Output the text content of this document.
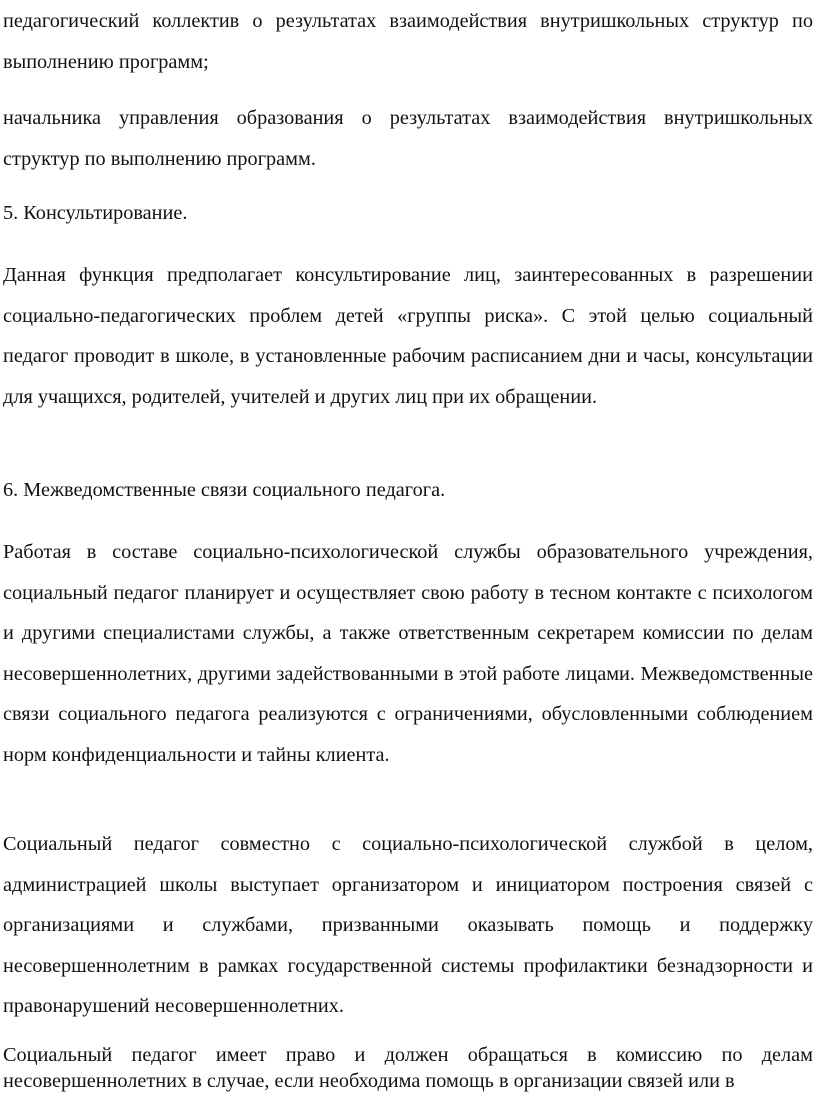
педагогический коллектив о результатах взаимодействия внутришкольных структур по выполнению программ;

начальника управления образования о результатах взаимодействия внутришкольных структур по выполнению программ.

5. Консультирование.

Данная функция предполагает консультирование лиц, заинтересованных в разрешении социально-педагогических проблем детей «группы риска». С этой целью социальный педагог проводит в школе, в установленные рабочим расписанием дни и часы, консультации для учащихся, родителей, учителей и других лиц при их обращении.

6. Межведомственные связи социального педагога.

Работая в составе социально-психологической службы образовательного учреждения, социальный педагог планирует и осуществляет свою работу в тесном контакте с психологом и другими специалистами службы, а также ответственным секретарем комиссии по делам несовершеннолетних, другими задействованными в этой работе лицами. Межведомственные связи социального педагога реализуются с ограничениями, обусловленными соблюдением норм конфиденциальности и тайны клиента.

Социальный педагог совместно с социально-психологической службой в целом, администрацией школы выступает организатором и инициатором построения связей с организациями и службами, призванными оказывать помощь и поддержку несовершеннолетним в рамках государственной системы профилактики безнадзорности и правонарушений несовершеннолетних.

Социальный педагог имеет право и должен обращаться в комиссию по делам несовершеннолетних в случае, если необходима помощь в организации связей или в
